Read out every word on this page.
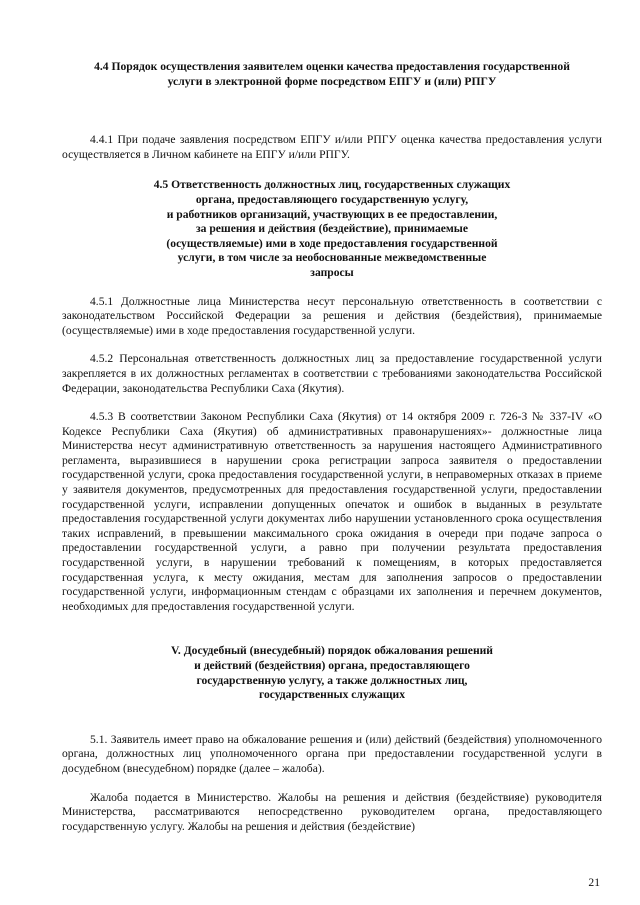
4.4 Порядок осуществления заявителем оценки качества предоставления государственной
услуги в электронной форме посредством ЕПГУ и (или) РПГУ

4.4.1 При подаче заявления посредством ЕПГУ и/или РПГУ оценка качества предоставления услуги осуществляется в Личном кабинете на ЕПГУ и/или РПГУ.

4.5 Ответственность должностных лиц, государственных служащих
органа, предоставляющего государственную услугу,
и работников организаций, участвующих в ее предоставлении,
за решения и действия (бездействие), принимаемые
(осуществляемые) ими в ходе предоставления государственной
услуги, в том числе за необоснованные межведомственные
запросы

4.5.1 Должностные лица Министерства несут персональную ответственность в соответствии с законодательством Российской Федерации за решения и действия (бездействия), принимаемые (осуществляемые) ими в ходе предоставления государственной услуги.

4.5.2 Персональная ответственность должностных лиц за предоставление государственной услуги закрепляется в их должностных регламентах в соответствии с требованиями законодательства Российской Федерации, законодательства Республики Саха (Якутия).

4.5.3 В соответствии Законом Республики Саха (Якутия) от 14 октября 2009 г. 726-З № 337-IV «О Кодексе Республики Саха (Якутия) об административных правонарушениях»- должностные лица Министерства несут административную ответственность за нарушения настоящего Административного регламента, выразившиеся в нарушении срока регистрации запроса заявителя о предоставлении государственной услуги, срока предоставления государственной услуги, в неправомерных отказах в приеме у заявителя документов, предусмотренных для предоставления государственной услуги, предоставлении государственной услуги, исправлении допущенных опечаток и ошибок в выданных в результате предоставления государственной услуги документах либо нарушении установленного срока осуществления таких исправлений, в превышении максимального срока ожидания в очереди при подаче запроса о предоставлении государственной услуги, а равно при получении результата предоставления государственной услуги, в нарушении требований к помещениям, в которых предоставляется государственная услуга, к месту ожидания, местам для заполнения запросов о предоставлении государственной услуги, информационным стендам с образцами их заполнения и перечнем документов, необходимых для предоставления государственной услуги.

V. Досудебный (внесудебный) порядок обжалования решений
и действий (бездействия) органа, предоставляющего
государственную услугу, а также должностных лиц,
государственных служащих

5.1. Заявитель имеет право на обжалование решения и (или) действий (бездействия) уполномоченного органа, должностных лиц уполномоченного органа при предоставлении государственной услуги в досудебном (внесудебном) порядке (далее – жалоба).

Жалоба подается в Министерство. Жалобы на решения и действия (бездействияе) руководителя Министерства, рассматриваются непосредственно руководителем органа, предоставляющего государственную услугу. Жалобы на решения и действия (бездействие)

21
